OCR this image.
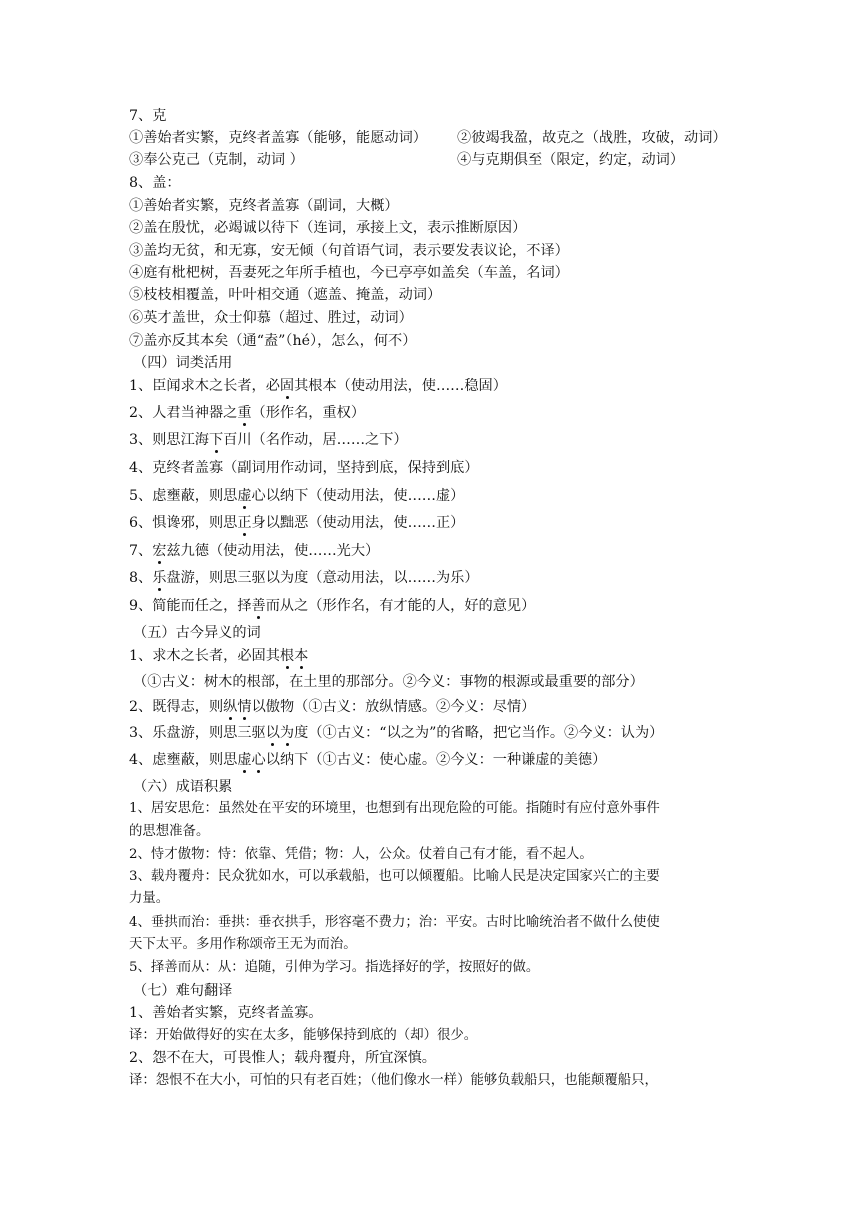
7、克
①善始者实繁，克终者盖寡（能够，能愿动词） ②彼竭我盈，故克之（战胜，攻破，动词）
③奉公克己（克制，动词 ）	④与克期俱至（限定，约定，动词）
8、盖：
①善始者实繁，克终者盖寡（副词，大概）
②盖在殷忧，必竭诚以待下（连词，承接上文，表示推断原因）
③盖均无贫，和无寡，安无倾（句首语气词，表示要发表议论，不译）
④庭有枇杷树，吾妻死之年所手植也，今已亭亭如盖矣（车盖，名词）
⑤枝枝相覆盖，叶叶相交通（遮盖、掩盖，动词）
⑥英才盖世，众士仰慕（超过、胜过，动词）
⑦盖亦反其本矣（通“盍”（hé），怎么，何不）
（四）词类活用
1、臣闻求木之长者，必固其根本（使动用法，使……稳固）
2、人君当神器之重（形作名，重权）
3、则思江海下百川（名作动，居……之下）
4、克终者盖寡（副词用作动词，坚持到底，保持到底）
5、虑壅蔽，则思虚心以纳下（使动用法，使……虚）
6、惧谗邪，则思正身以黜恶（使动用法，使……正）
7、宏兹九德（使动用法，使……光大）
8、乐盘游，则思三驱以为度（意动用法，以……为乐）
9、简能而任之，择善而从之（形作名，有才能的人，好的意见）
（五）古今异义的词
1、求木之长者，必固其根本
（①古义：树木的根部，在土里的那部分。②今义：事物的根源或最重要的部分）
2、既得志，则纵情以傲物（①古义：放纵情感。②今义：尽情）
3、乐盘游，则思三驱以为度（①古义：“以之为”的省略，把它当作。②今义：认为）
4、虑壅蔽，则思虚心以纳下（①古义：使心虚。②今义：一种谦虚的美德）
（六）成语积累
1、居安思危：虽然处在平安的环境里，也想到有出现危险的可能。指随时有应付意外事件
的思想准备。
2、恃才傲物：恃：依靠、凭借；物：人，公众。仗着自己有才能，看不起人。
3、载舟覆舟：民众犹如水，可以承载船，也可以倾覆船。比喻人民是决定国家兴亡的主要
力量。
4、垂拱而治：垂拱：垂衣拱手，形容毫不费力；治：平安。古时比喻统治者不做什么使使
天下太平。多用作称颂帝王无为而治。
5、择善而从：从：追随，引伸为学习。指选择好的学，按照好的做。
（七）难句翻译
1、善始者实繁，克终者盖寡。
译：开始做得好的实在太多，能够保持到底的（却）很少。
2、怨不在大，可畏惟人；载舟覆舟，所宜深慎。
译：怨恨不在大小，可怕的只有老百姓；（他们像水一样）能够负载船只，也能颠覆船只，
